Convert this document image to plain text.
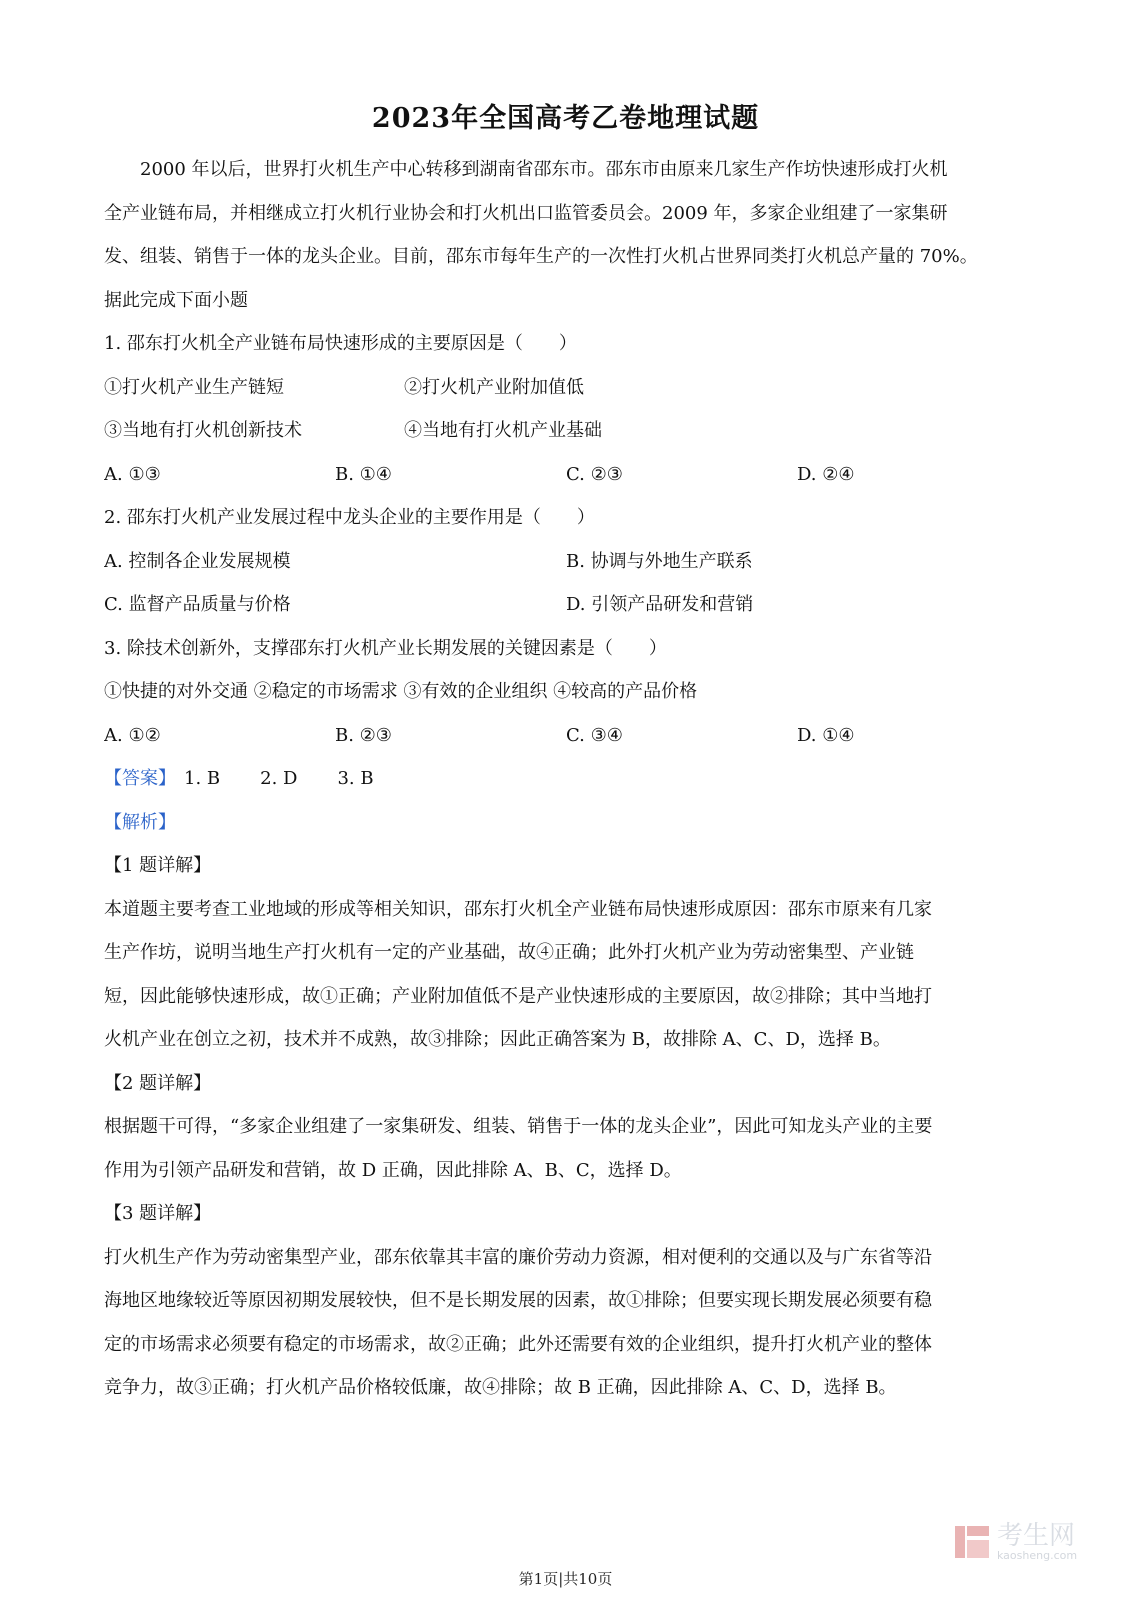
2023年全国高考乙卷地理试题
2000 年以后，世界打火机生产中心转移到湖南省邵东市。邵东市由原来几家生产作坊快速形成打火机
全产业链布局，并相继成立打火机行业协会和打火机出口监管委员会。2009 年，多家企业组建了一家集研
发、组装、销售于一体的龙头企业。目前，邵东市每年生产的一次性打火机占世界同类打火机总产量的 70%。
据此完成下面小题
1. 邵东打火机全产业链布局快速形成的主要原因是（　　）
①打火机产业生产链短	②打火机产业附加值低
③当地有打火机创新技术	④当地有打火机产业基础
A. ①③	B. ①④	C. ②③	D. ②④
2. 邵东打火机产业发展过程中龙头企业的主要作用是（　　）
A. 控制各企业发展规模	B. 协调与外地生产联系
C. 监督产品质量与价格	D. 引领产品研发和营销
3. 除技术创新外，支撑邵东打火机产业长期发展的关键因素是（　　）
①快捷的对外交通 ②稳定的市场需求 ③有效的企业组织 ④较高的产品价格
A. ①②	B. ②③	C. ③④	D. ①④
【答案】 1. B 2. D 3. B
【解析】
【1 题详解】
本道题主要考查工业地域的形成等相关知识，邵东打火机全产业链布局快速形成原因：邵东市原来有几家
生产作坊，说明当地生产打火机有一定的产业基础，故④正确；此外打火机产业为劳动密集型、产业链
短，因此能够快速形成，故①正确；产业附加值低不是产业快速形成的主要原因，故②排除；其中当地打
火机产业在创立之初，技术并不成熟，故③排除；因此正确答案为 B，故排除 A、C、D，选择 B。
【2 题详解】
根据题干可得，“多家企业组建了一家集研发、组装、销售于一体的龙头企业”，因此可知龙头产业的主要
作用为引领产品研发和营销，故 D 正确，因此排除 A、B、C，选择 D。
【3 题详解】
打火机生产作为劳动密集型产业，邵东依靠其丰富的廉价劳动力资源，相对便利的交通以及与广东省等沿
海地区地缘较近等原因初期发展较快，但不是长期发展的因素，故①排除；但要实现长期发展必须要有稳
定的市场需求必须要有稳定的市场需求，故②正确；此外还需要有效的企业组织，提升打火机产业的整体
竞争力，故③正确；打火机产品价格较低廉，故④排除；故 B 正确，因此排除 A、C、D，选择 B。
考生网
kaosheng.com
第1页|共10页
